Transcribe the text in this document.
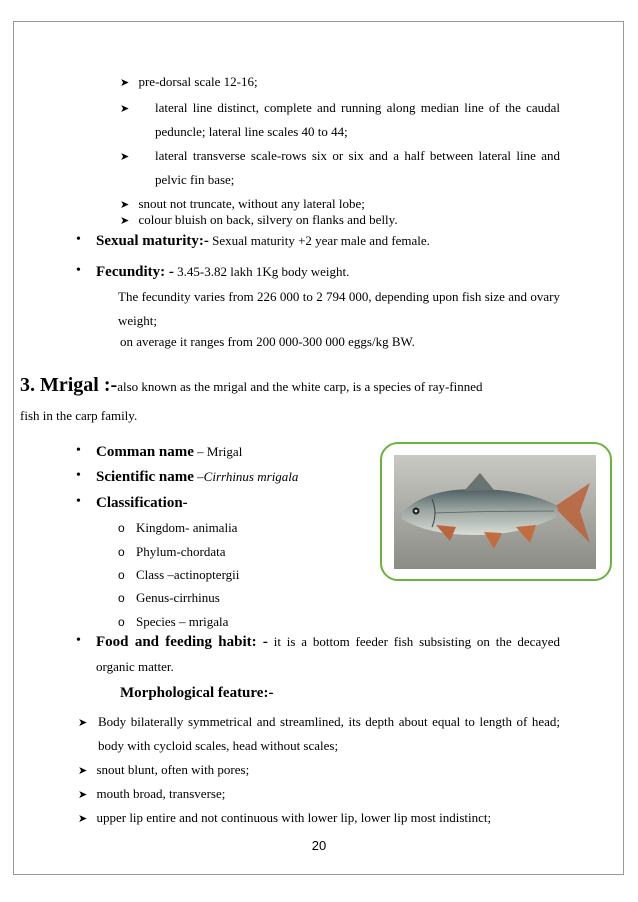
➤ pre-dorsal scale 12-16;
➤ lateral line distinct, complete and running along median line of the caudal
peduncle; lateral line scales 40 to 44;
➤ lateral transverse scale-rows six or six and a half between lateral line and
pelvic fin base;
➤ snout not truncate, without any lateral lobe;
➤ colour bluish on back, silvery on flanks and belly.
• Sexual maturity:- Sexual maturity +2 year male and female.
• Fecundity: - 3.45-3.82 lakh 1Kg body weight.
The fecundity varies from 226 000 to 2 794 000, depending upon fish size and ovary
weight;
on average it ranges from 200 000-300 000 eggs/kg BW.
3. Mrigal :-also known as the mrigal and the white carp, is a species of ray-finned
fish in the carp family.
• Comman name – Mrigal
• Scientific name –Cirrhinus mrigala
• Classification-
o Kingdom- animalia
o Phylum-chordata
o Class –actinoptergii
o Genus-cirrhinus
o Species – mrigala
• Food and feeding habit: - it is a bottom feeder fish subsisting on the decayed
organic matter.
Morphological feature:-
➤ Body bilaterally symmetrical and streamlined, its depth about equal to length of head;
body with cycloid scales, head without scales;
➤ snout blunt, often with pores;
➤ mouth broad, transverse;
➤ upper lip entire and not continuous with lower lip, lower lip most indistinct;
20
